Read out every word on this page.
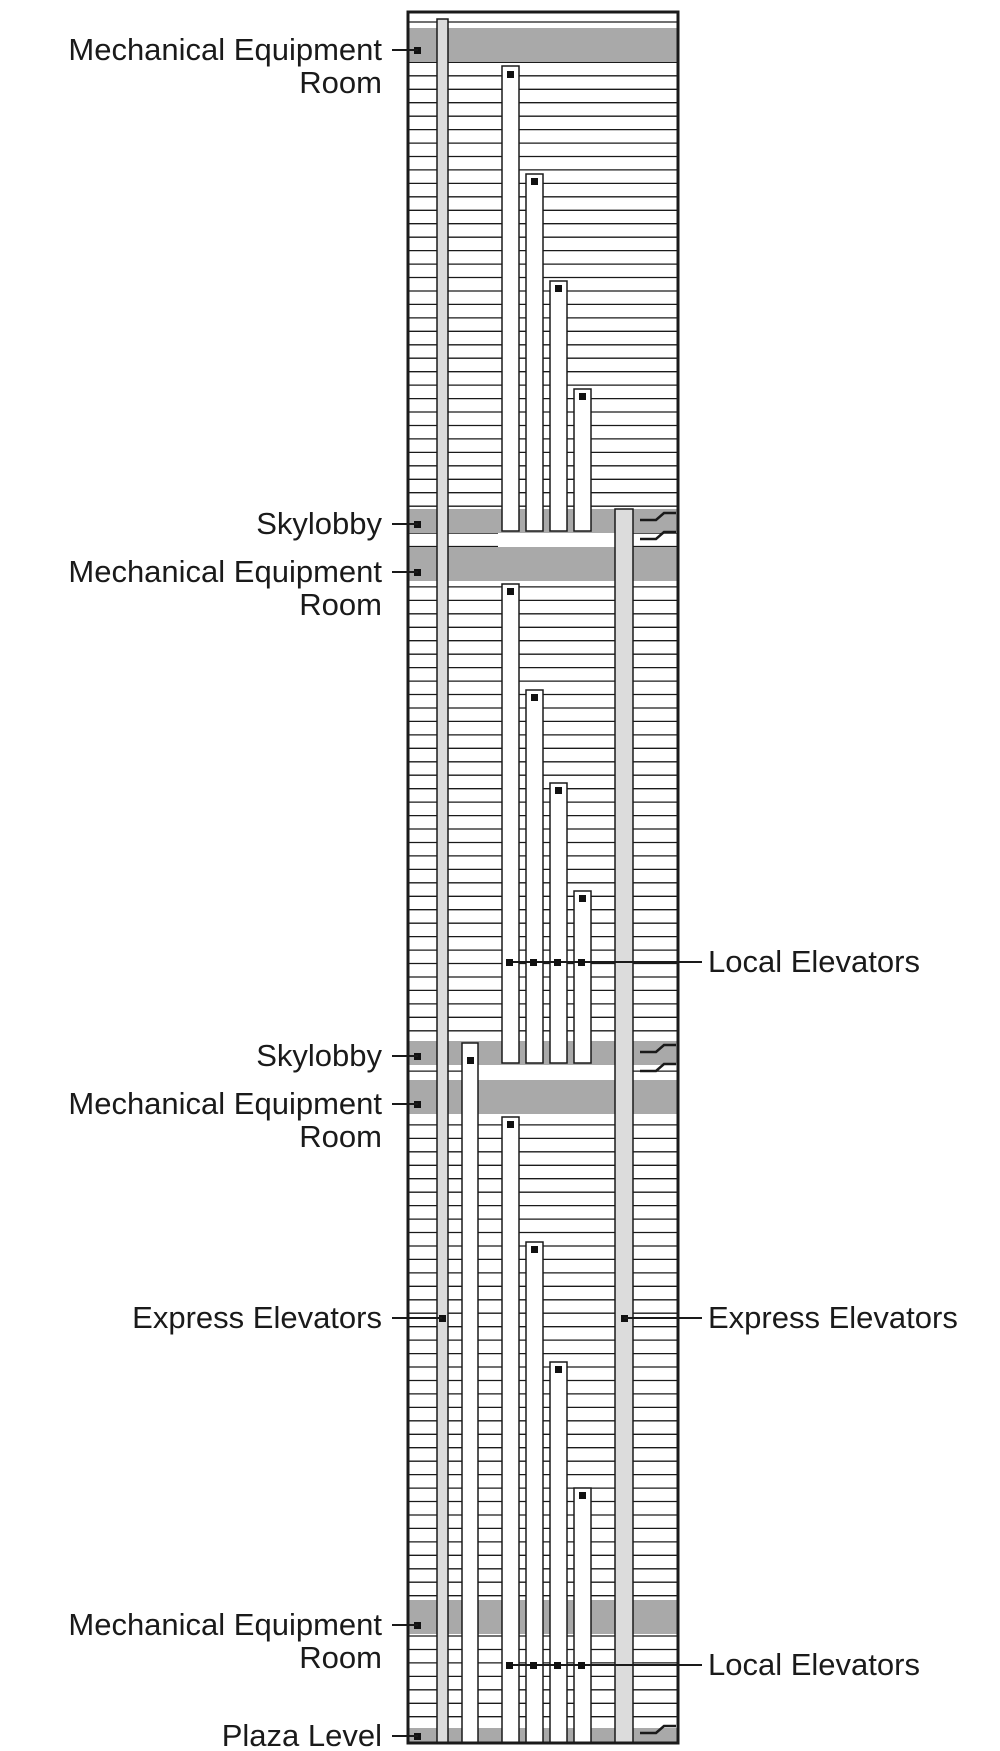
Mechanical Equipment
Room
Skylobby
Mechanical Equipment
Room
Local Elevators
Skylobby
Mechanical Equipment
Room
Express Elevators	Express Elevators
Mechanical Equipment
Room	Local Elevators
Plaza Level
